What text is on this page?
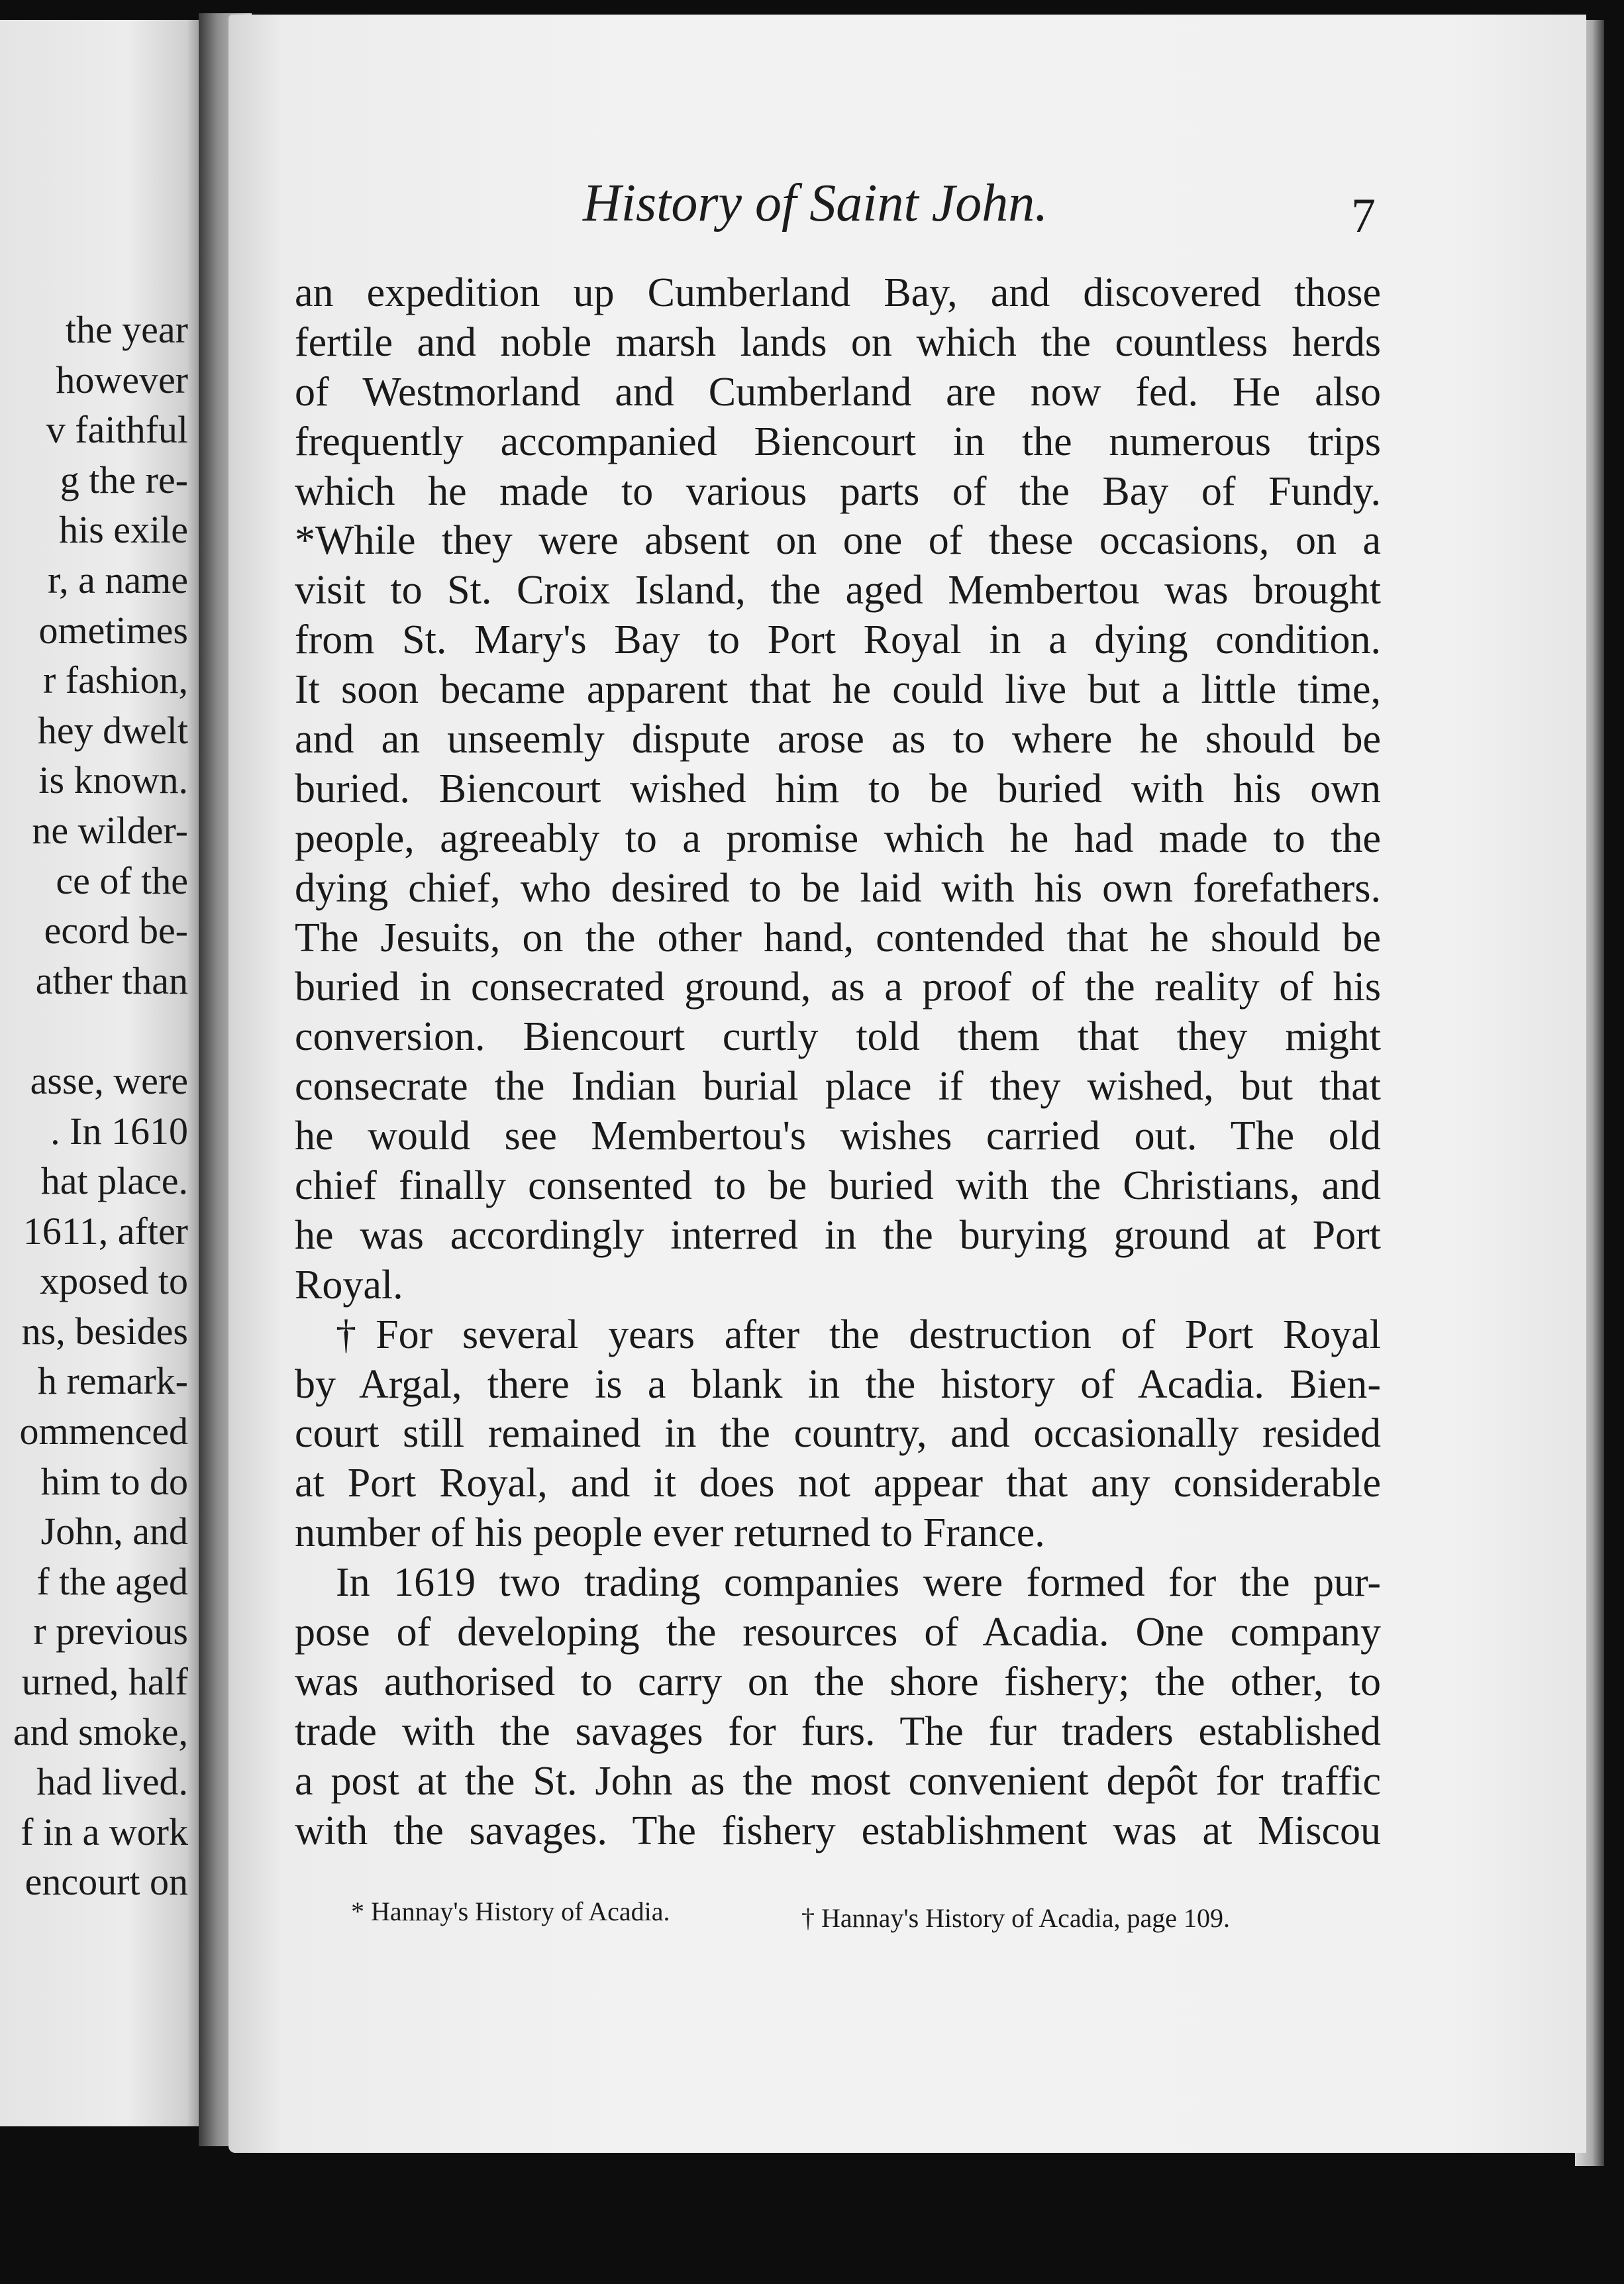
the year
however
v faithful
g the re-
his exile
r, a name
ometimes
r fashion,
hey dwelt
is known.
ne wilder-
ce of the
ecord be-
ather than
asse, were
. In 1610
hat place.
1611, after
xposed to
ns, besides
h remark-
ommenced
him to do
John, and
f the aged
r previous
urned, half
and smoke,
had lived.
f in a work
encourt on
History of Saint John.	7
an expedition up Cumberland Bay, and discovered those
fertile and noble marsh lands on which the countless herds
of Westmorland and Cumberland are now fed. He also
frequently accompanied Biencourt in the numerous trips
which he made to various parts of the Bay of Fundy.
*While they were absent on one of these occasions, on a
visit to St. Croix Island, the aged Membertou was brought
from St. Mary's Bay to Port Royal in a dying condition.
It soon became apparent that he could live but a little time,
and an unseemly dispute arose as to where he should be
buried. Biencourt wished him to be buried with his own
people, agreeably to a promise which he had made to the
dying chief, who desired to be laid with his own forefathers.
The Jesuits, on the other hand, contended that he should be
buried in consecrated ground, as a proof of the reality of his
conversion. Biencourt curtly told them that they might
consecrate the Indian burial place if they wished, but that
he would see Membertou's wishes carried out. The old
chief finally consented to be buried with the Christians, and
he was accordingly interred in the burying ground at Port
Royal.
†For several years after the destruction of Port Royal
by Argal, there is a blank in the history of Acadia. Bien-
court still remained in the country, and occasionally resided
at Port Royal, and it does not appear that any considerable
number of his people ever returned to France.
In 1619 two trading companies were formed for the pur-
pose of developing the resources of Acadia. One company
was authorised to carry on the shore fishery; the other, to
trade with the savages for furs. The fur traders established
a post at the St. John as the most convenient depôt for traffic
with the savages. The fishery establishment was at Miscou
* Hannay's History of Acadia.	† Hannay's History of Acadia, page 109.
